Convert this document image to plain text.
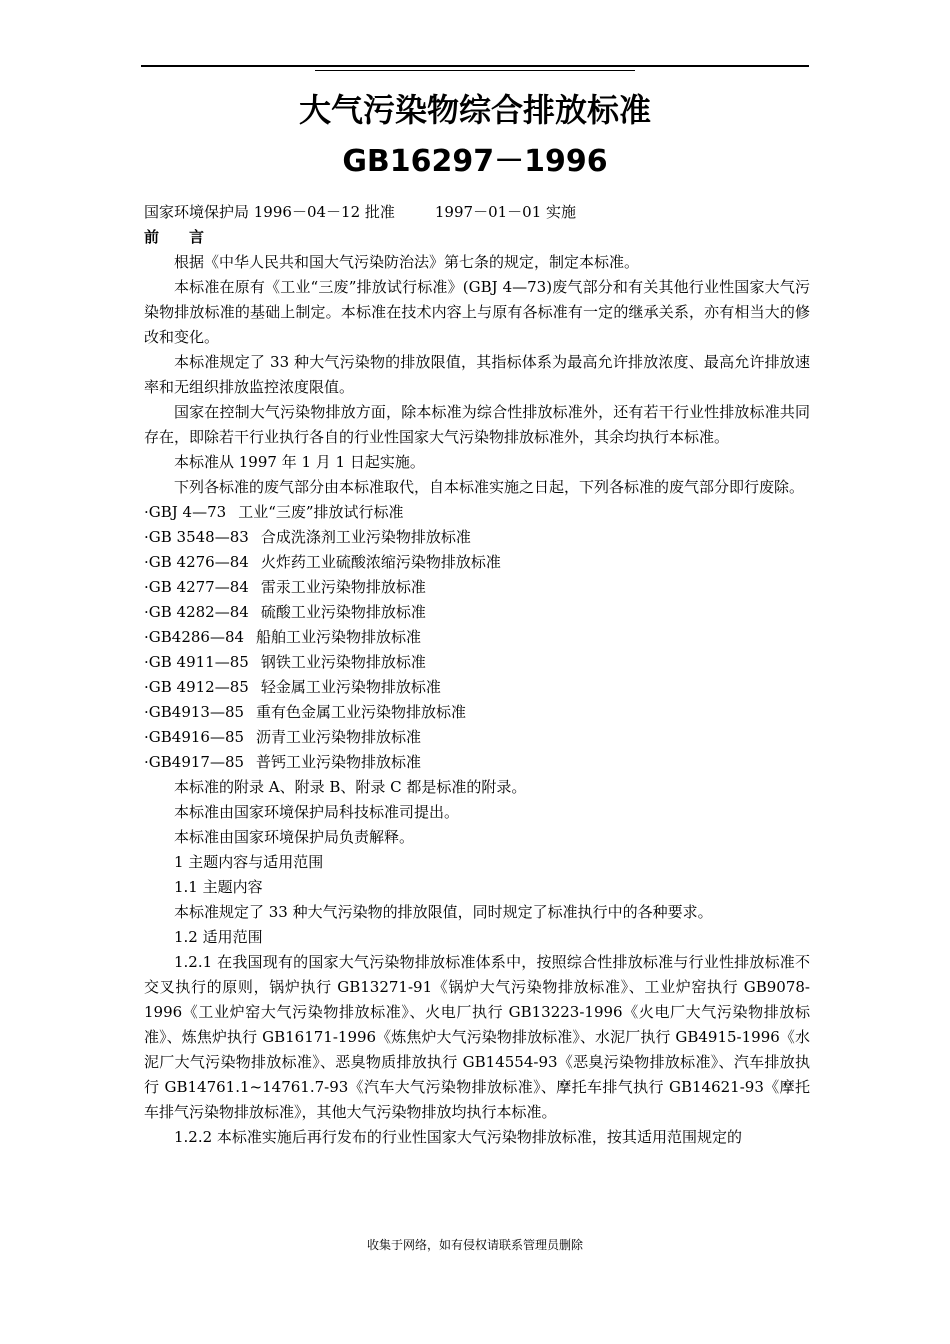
大气污染物综合排放标准
GB16297－1996

国家环境保护局 1996－04－12 批准	1997－01－01 实施

前 言

根据《中华人民共和国大气污染防治法》第七条的规定，制定本标准。

本标准在原有《工业“三废”排放试行标准》(GBJ 4—73)废气部分和有关其他行业性国家大气污染物排放标准的基础上制定。本标准在技术内容上与原有各标准有一定的继承关系，亦有相当大的修改和变化。

本标准规定了 33 种大气污染物的排放限值，其指标体系为最高允许排放浓度、最高允许排放速率和无组织排放监控浓度限值。

国家在控制大气污染物排放方面，除本标准为综合性排放标准外，还有若干行业性排放标准共同存在，即除若干行业执行各自的行业性国家大气污染物排放标准外，其余均执行本标准。

本标准从 1997 年 1 月 1 日起实施。

下列各标准的废气部分由本标准取代，自本标准实施之日起，下列各标准的废气部分即行废除。

·GBJ 4—73 工业“三废”排放试行标准

·GB 3548—83 合成洗涤剂工业污染物排放标准

·GB 4276—84 火炸药工业硫酸浓缩污染物排放标准

·GB 4277—84 雷汞工业污染物排放标准

·GB 4282—84 硫酸工业污染物排放标准

·GB4286—84 船舶工业污染物排放标准

·GB 4911—85 钢铁工业污染物排放标准

·GB 4912—85 轻金属工业污染物排放标准

·GB4913—85 重有色金属工业污染物排放标准

·GB4916—85 沥青工业污染物排放标准

·GB4917—85 普钙工业污染物排放标准

本标准的附录 A、附录 B、附录 C 都是标准的附录。

本标准由国家环境保护局科技标准司提出。

本标准由国家环境保护局负责解释。

1 主题内容与适用范围

1.1 主题内容

本标准规定了 33 种大气污染物的排放限值，同时规定了标准执行中的各种要求。

1.2 适用范围

1.2.1 在我国现有的国家大气污染物排放标准体系中，按照综合性排放标准与行业性排放标准不交叉执行的原则，锅炉执行 GB13271-91《锅炉大气污染物排放标准》、工业炉窑执行 GB9078-1996《工业炉窑大气污染物排放标准》、火电厂执行 GB13223-1996《火电厂大气污染物排放标准》、炼焦炉执行 GB16171-1996《炼焦炉大气污染物排放标准》、水泥厂执行 GB4915-1996《水泥厂大气污染物排放标准》、恶臭物质排放执行 GB14554-93《恶臭污染物排放标准》、汽车排放执行 GB14761.1~14761.7-93《汽车大气污染物排放标准》、摩托车排气执行 GB14621-93《摩托车排气污染物排放标准》，其他大气污染物排放均执行本标准。

1.2.2 本标准实施后再行发布的行业性国家大气污染物排放标准，按其适用范围规定的

收集于网络，如有侵权请联系管理员删除
